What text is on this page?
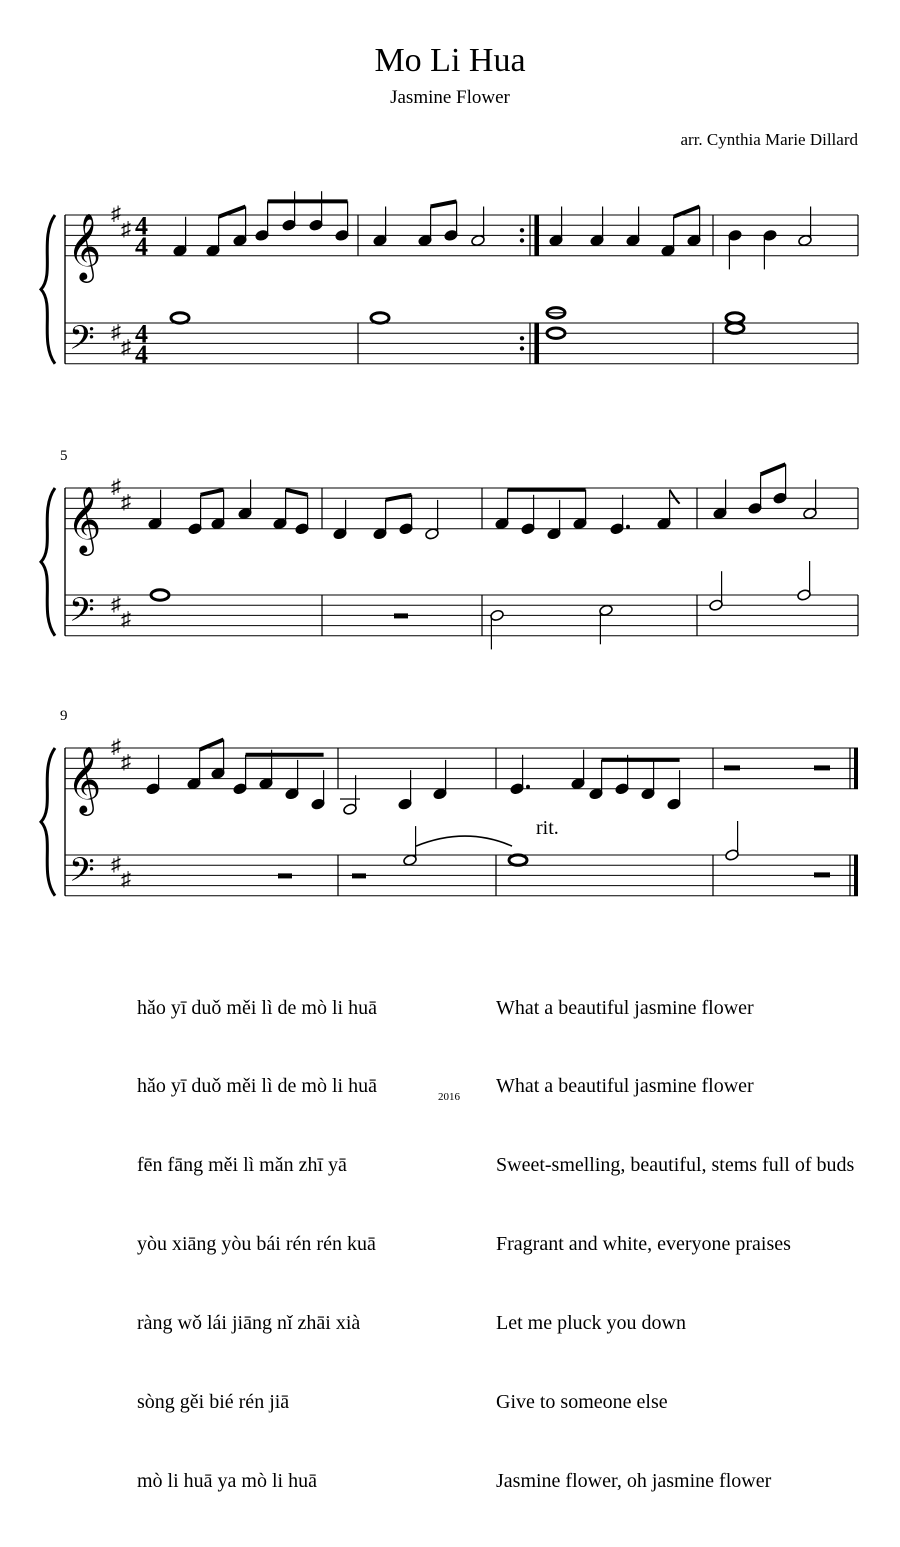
Mo Li Hua
Jasmine Flower
arr. Cynthia Marie Dillard
5
9
rit.
𝄞
𝄢
♯
♯
♯
♯
4
4
4
4
𝄞
𝄢
♯
♯
♯
♯
𝄞
𝄢
♯
♯
♯
♯

hǎo yī duǒ měi lì de mò li huā

hǎo yī duǒ měi lì de mò li huā

fēn fāng měi lì mǎn zhī yā

yòu xiāng yòu bái rén rén kuā

ràng wǒ lái jiāng nǐ zhāi xià

sòng gěi bié rén jiā

mò li huā ya mò li huā

What a beautiful jasmine flower

What a beautiful jasmine flower

Sweet-smelling, beautiful, stems full of buds

Fragrant and white, everyone praises

Let me pluck you down

Give to someone else

Jasmine flower, oh jasmine flower

2016
